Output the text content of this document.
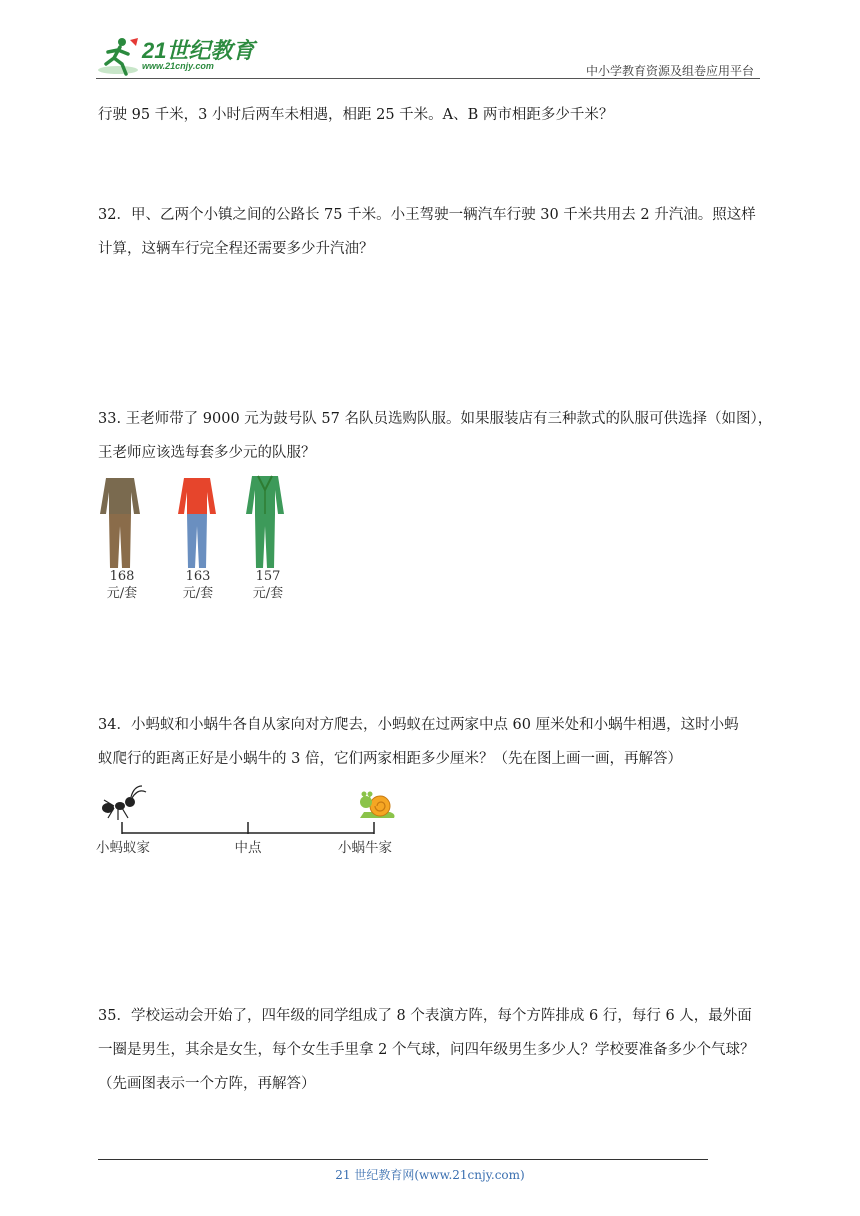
21世纪教育
www.21cnjy.com	中小学教育资源及组卷应用平台

行驶 95 千米，3 小时后两车未相遇，相距 25 千米。A、B 两市相距多少千米？

32．甲、乙两个小镇之间的公路长 75 千米。小王驾驶一辆汽车行驶 30 千米共用去 2 升汽油。照这样
计算，这辆车行完全程还需要多少升汽油？

33. 王老师带了 9000 元为鼓号队 57 名队员选购队服。如果服装店有三种款式的队服可供选择（如图），
王老师应该选每套多少元的队服？

168
元/套
163
元/套
157
元/套

34．小蚂蚁和小蜗牛各自从家向对方爬去，小蚂蚁在过两家中点 60 厘米处和小蜗牛相遇，这时小蚂
蚁爬行的距离正好是小蜗牛的 3 倍，它们两家相距多少厘米？（先在图上画一画，再解答）

小蚂蚁家	中点	小蜗牛家

35．学校运动会开始了，四年级的同学组成了 8 个表演方阵，每个方阵排成 6 行，每行 6 人，最外面
一圈是男生，其余是女生，每个女生手里拿 2 个气球，问四年级男生多少人？学校要准备多少个气球？
（先画图表示一个方阵，再解答）

21 世纪教育网(www.21cnjy.com)
